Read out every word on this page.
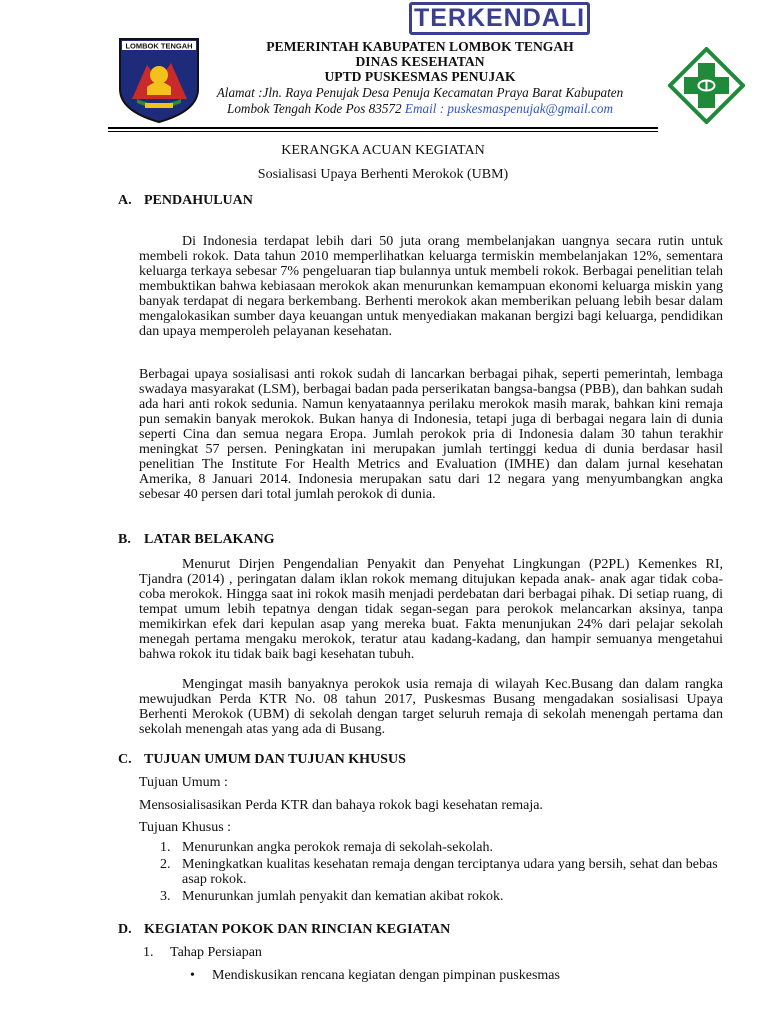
TERKENDALI
LOMBOK TENGAH	PEMERINTAH KABUPATEN LOMBOK TENGAH
DINAS KESEHATAN
UPTD PUSKESMAS PENUJAK
Alamat :Jln. Raya Penujak Desa Penuja Kecamatan Praya Barat Kabupaten
Lombok Tengah Kode Pos 83572 Email : puskesmaspenujak@gmail.com
KERANGKA ACUAN KEGIATAN
Sosialisasi Upaya Berhenti Merokok (UBM)
A. PENDAHULUAN

Di Indonesia terdapat lebih dari 50 juta orang membelanjakan uangnya secara rutin untuk membeli rokok. Data tahun 2010 memperlihatkan keluarga termiskin membelanjakan 12%, sementara keluarga terkaya sebesar 7% pengeluaran tiap bulannya untuk membeli rokok. Berbagai penelitian telah membuktikan bahwa kebiasaan merokok akan menurunkan kemampuan ekonomi keluarga miskin yang banyak terdapat di negara berkembang. Berhenti merokok akan memberikan peluang lebih besar dalam mengalokasikan sumber daya keuangan untuk menyediakan makanan bergizi bagi keluarga, pendidikan dan upaya memperoleh pelayanan kesehatan.

Berbagai upaya sosialisasi anti rokok sudah di lancarkan berbagai pihak, seperti pemerintah, lembaga swadaya masyarakat (LSM), berbagai badan pada perserikatan bangsa-bangsa (PBB), dan bahkan sudah ada hari anti rokok sedunia. Namun kenyataannya perilaku merokok masih marak, bahkan kini remaja pun semakin banyak merokok. Bukan hanya di Indonesia, tetapi juga di berbagai negara lain di dunia seperti Cina dan semua negara Eropa. Jumlah perokok pria di Indonesia dalam 30 tahun terakhir meningkat 57 persen. Peningkatan ini merupakan jumlah tertinggi kedua di dunia berdasar hasil penelitian The Institute For Health Metrics and Evaluation (IMHE) dan dalam jurnal kesehatan Amerika, 8 Januari 2014. Indonesia merupakan satu dari 12 negara yang menyumbangkan angka sebesar 40 persen dari total jumlah perokok di dunia.

B. LATAR BELAKANG

Menurut Dirjen Pengendalian Penyakit dan Penyehat Lingkungan (P2PL) Kemenkes RI, Tjandra (2014) , peringatan dalam iklan rokok memang ditujukan kepada anak- anak agar tidak coba-coba merokok. Hingga saat ini rokok masih menjadi perdebatan dari berbagai pihak. Di setiap ruang, di tempat umum lebih tepatnya dengan tidak segan-segan para perokok melancarkan aksinya, tanpa memikirkan efek dari kepulan asap yang mereka buat. Fakta menunjukan 24% dari pelajar sekolah menegah pertama mengaku merokok, teratur atau kadang-kadang, dan hampir semuanya mengetahui bahwa rokok itu tidak baik bagi kesehatan tubuh.

Mengingat masih banyaknya perokok usia remaja di wilayah Kec.Busang dan dalam rangka mewujudkan Perda KTR No. 08 tahun 2017, Puskesmas Busang mengadakan sosialisasi Upaya Berhenti Merokok (UBM) di sekolah dengan target seluruh remaja di sekolah menengah pertama dan sekolah menengah atas yang ada di Busang.

C. TUJUAN UMUM DAN TUJUAN KHUSUS
Tujuan Umum :
Mensosialisasikan Perda KTR dan bahaya rokok bagi kesehatan remaja.
Tujuan Khusus :
1. Menurunkan angka perokok remaja di sekolah-sekolah.
2. Meningkatkan kualitas kesehatan remaja dengan terciptanya udara yang bersih, sehat dan bebas asap rokok.
3. Menurunkan jumlah penyakit dan kematian akibat rokok.
D. KEGIATAN POKOK DAN RINCIAN KEGIATAN
1. Tahap Persiapan
• Mendiskusikan rencana kegiatan dengan pimpinan puskesmas
